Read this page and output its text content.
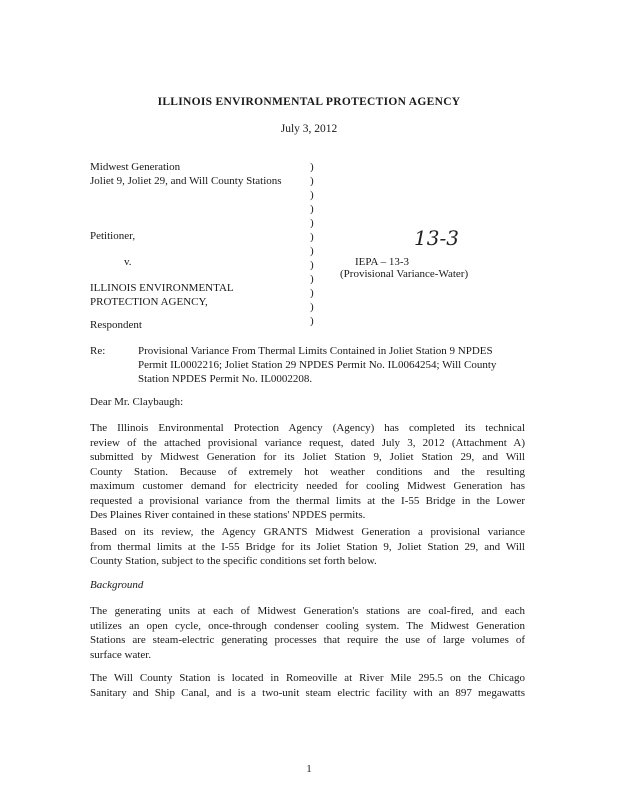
ILLINOIS ENVIRONMENTAL PROTECTION AGENCY
July 3, 2012
Midwest Generation
Joliet 9, Joliet 29, and Will County Stations
Petitioner,
v.
ILLINOIS ENVIRONMENTAL
PROTECTION AGENCY,
Respondent
)
)
)
)
)
)
)
)
)
)
)
)
13-3
IEPA – 13-3
(Provisional Variance-Water)
Re:	Provisional Variance From Thermal Limits Contained in Joliet Station 9 NPDES
Permit IL0002216; Joliet Station 29 NPDES Permit No. IL0064254; Will County
Station NPDES Permit No. IL0002208.
Dear Mr. Claybaugh:
The Illinois Environmental Protection Agency (Agency) has completed its technical
review of the attached provisional variance request, dated July 3, 2012 (Attachment A)
submitted by Midwest Generation for its Joliet Station 9, Joliet Station 29, and Will
County Station. Because of extremely hot weather conditions and the resulting
maximum customer demand for electricity needed for cooling Midwest Generation has
requested a provisional variance from the thermal limits at the I-55 Bridge in the Lower
Des Plaines River contained in these stations' NPDES permits.
Based on its review, the Agency GRANTS Midwest Generation a provisional variance
from thermal limits at the I-55 Bridge for its Joliet Station 9, Joliet Station 29, and Will
County Station, subject to the specific conditions set forth below.
Background
The generating units at each of Midwest Generation's stations are coal-fired, and each
utilizes an open cycle, once-through condenser cooling system. The Midwest Generation
Stations are steam-electric generating processes that require the use of large volumes of
surface water.
The Will County Station is located in Romeoville at River Mile 295.5 on the Chicago
Sanitary and Ship Canal, and is a two-unit steam electric facility with an 897 megawatts
1
